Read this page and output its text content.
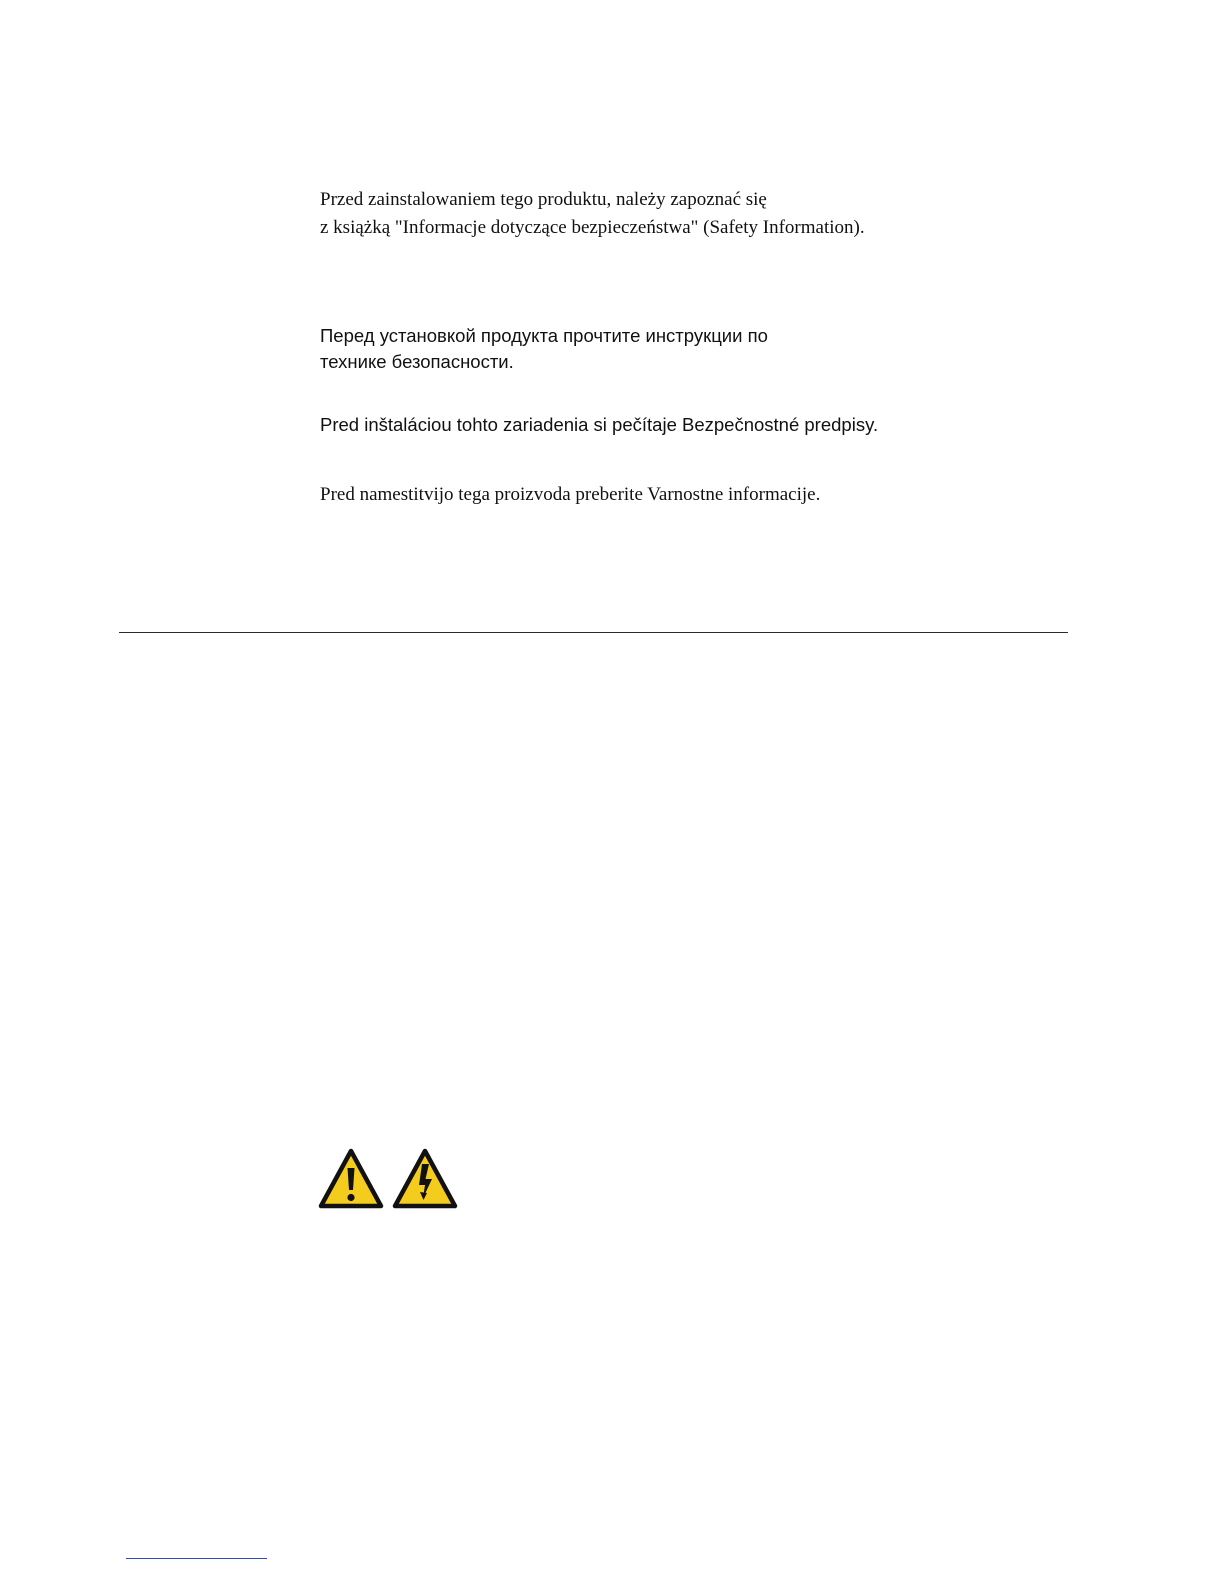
Przed zainstalowaniem tego produktu, należy zapoznać się
z książką "Informacje dotyczące bezpieczeństwa" (Safety Information).
Перед установкой продукта прочтите инструкции по
технике безопасности.
Pred inštaláciou tohto zariadenia si pečítaje Bezpečnostné predpisy.
Pred namestitvijo tega proizvoda preberite Varnostne informacije.
